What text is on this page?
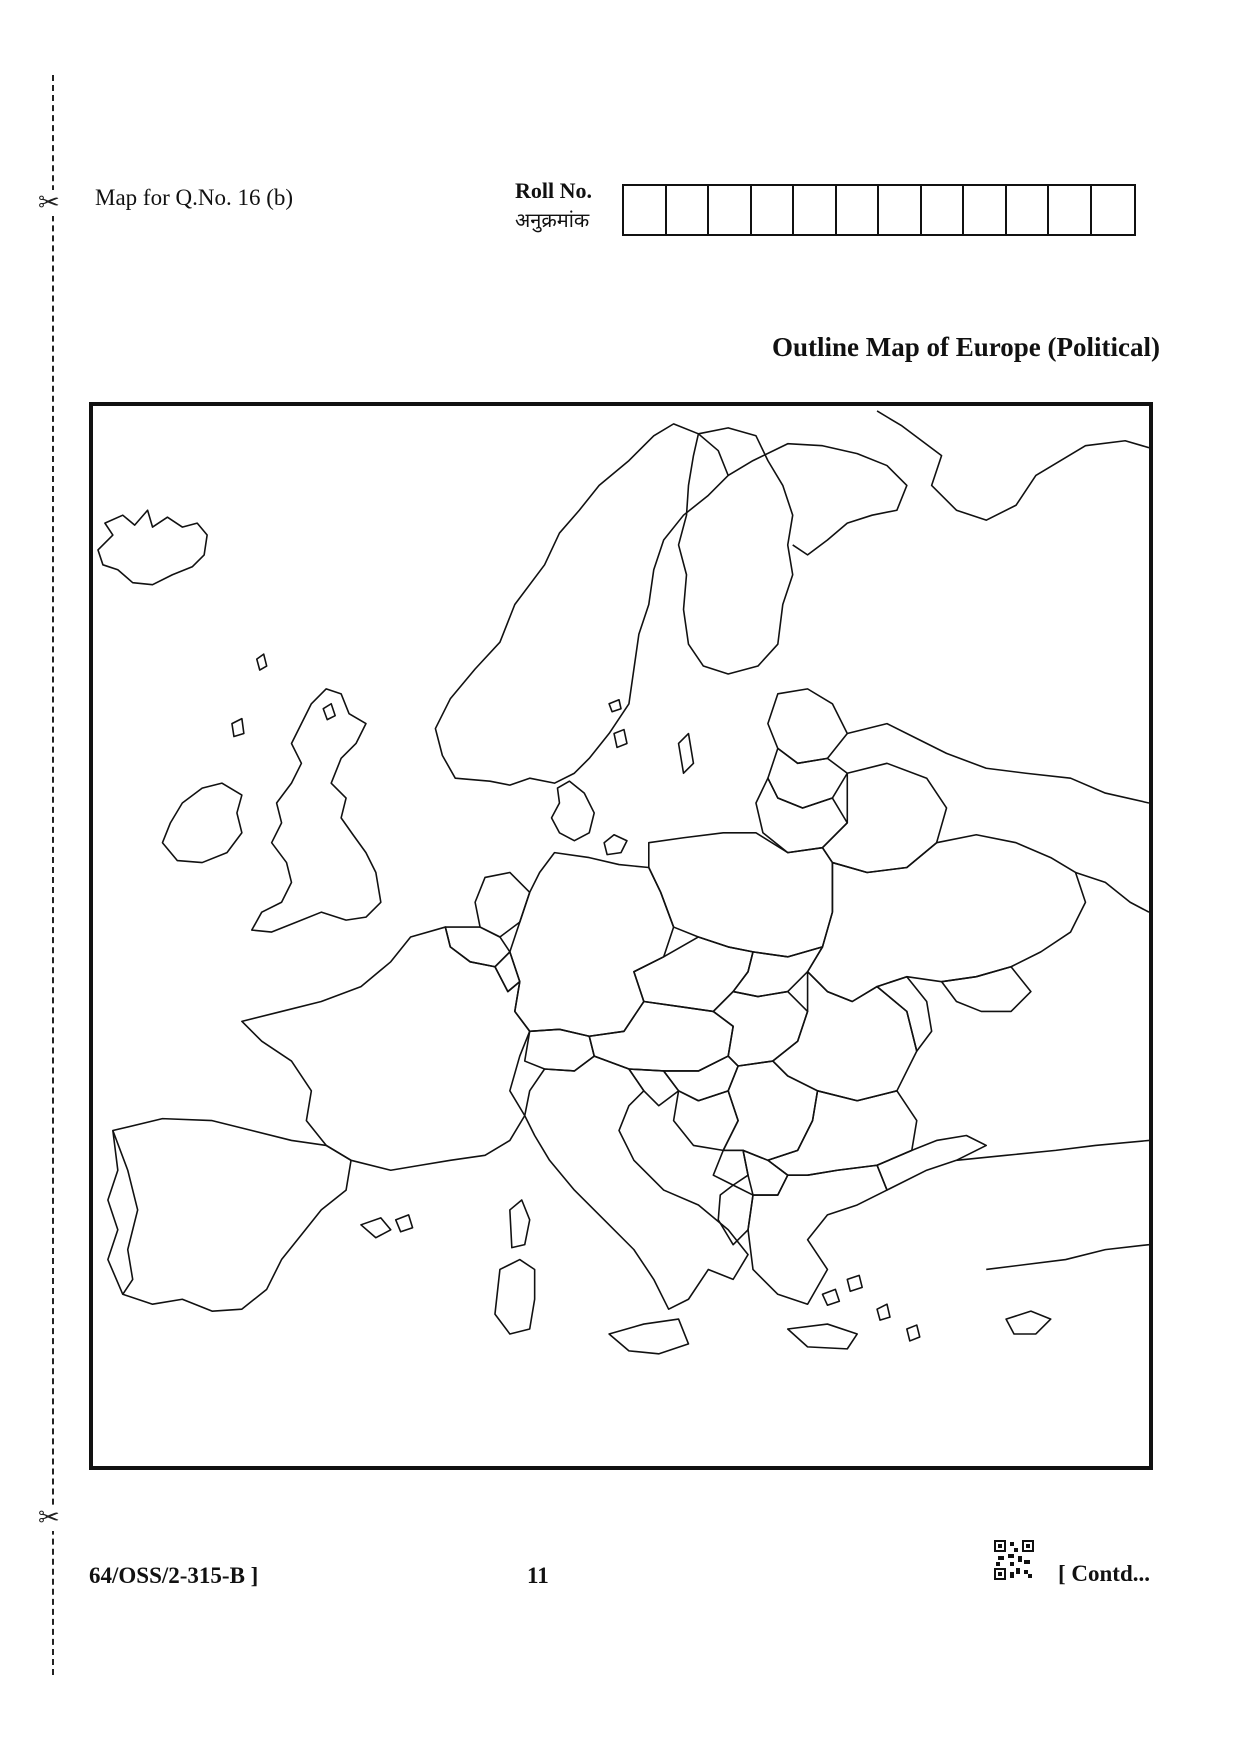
✂
✂
Map for Q.No. 16 (b)	Roll No.
अनुक्रमांक
Outline Map of Europe (Political)
64/OSS/2-315-B ]	11	[ Contd...
